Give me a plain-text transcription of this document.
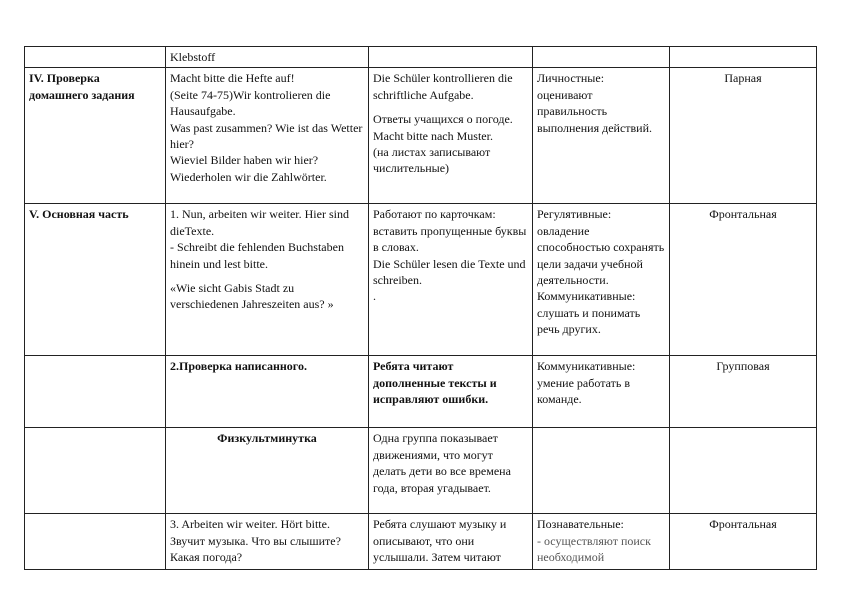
	Klebstoff			

IV. Проверка домашнего задания	Macht bitte die Hefte auf!
(Seite 74-75)Wir kontrolieren die Hausaufgabe.
Was past zusammen? Wie ist das Wetter hier?
Wieviel Bilder haben wir hier?
Wiederholen wir die Zahlwörter.	Die Schüler kontrollieren die schriftliche Aufgabe.
Ответы учащихся о погоде.
Macht bitte nach Muster.
(на листах записывают числительные)	Личностные:
оценивают правильность выполнения действий.	Парная

V. Основная часть	1. Nun, arbeiten wir weiter. Hier sind dieTexte.
- Schreibt die fehlenden Buchstaben hinein und lest bitte.
«Wie sicht Gabis Stadt zu verschiedenen Jahreszeiten aus? »	Работают по карточкам: вставить пропущенные буквы в словах.
Die Schüler lesen die Texte und schreiben.
.	Регулятивные: овладение способностью сохранять цели задачи учебной деятельности.
Коммуникативные: слушать и понимать речь других.	Фронтальная

	2.Проверка написанного.	Ребята читают дополненные тексты и исправляют ошибки.	Коммуникативные: умение работать в команде.	Групповая

	Физкультминутка	Одна группа показывает движениями, что могут делать дети во все времена года, вторая угадывает.		

	3. Arbeiten wir weiter. Hört bitte. Звучит музыка. Что вы слышите? Какая погода?	Ребята слушают музыку и описывают, что они услышали. Затем читают	Познавательные:
- осуществляют поиск необходимой	Фронтальная
